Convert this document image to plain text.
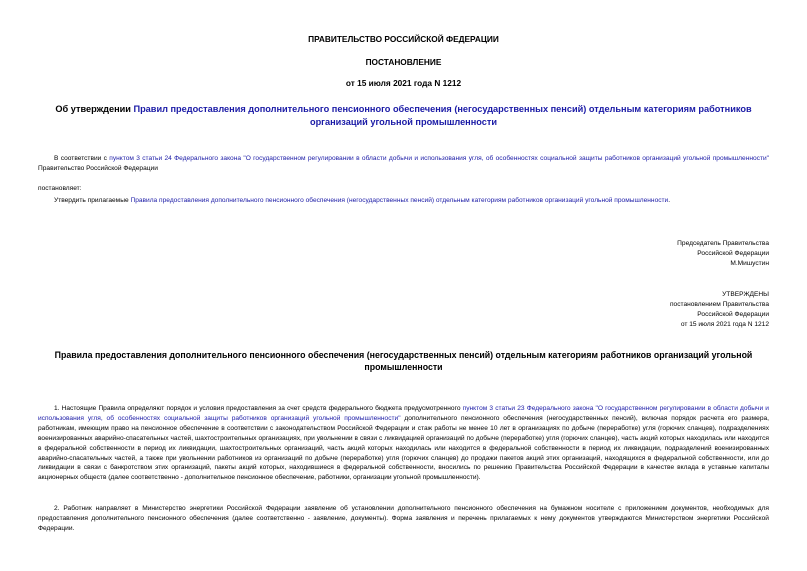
ПРАВИТЕЛЬСТВО РОССИЙСКОЙ ФЕДЕРАЦИИ
ПОСТАНОВЛЕНИЕ
от 15 июля 2021 года N 1212
Об утверждении Правил предоставления дополнительного пенсионного обеспечения (негосударственных пенсий) отдельным категориям работников организаций угольной промышленности
В соответствии с пунктом 3 статьи 24 Федерального закона "О государственном регулировании в области добычи и использования угля, об особенностях социальной защиты работников организаций угольной промышленности" Правительство Российской Федерации
постановляет:
Утвердить прилагаемые Правила предоставления дополнительного пенсионного обеспечения (негосударственных пенсий) отдельным категориям работников организаций угольной промышленности.
Председатель Правительства
Российской Федерации
М.Мишустин
УТВЕРЖДЕНЫ
постановлением Правительства
Российской Федерации
от 15 июля 2021 года N 1212
Правила предоставления дополнительного пенсионного обеспечения (негосударственных пенсий) отдельным категориям работников организаций угольной промышленности
1. Настоящие Правила определяют порядок и условия предоставления за счет средств федерального бюджета предусмотренного пунктом 3 статьи 23 Федерального закона "О государственном регулировании в области добычи и использования угля, об особенностях социальной защиты работников организаций угольной промышленности" дополнительного пенсионного обеспечения (негосударственных пенсий), включая порядок расчета его размера, работникам, имеющим право на пенсионное обеспечение в соответствии с законодательством Российской Федерации и стаж работы не менее 10 лет в организациях по добыче (переработке) угля (горючих сланцев), подразделениях военизированных аварийно-спасательных частей, шахтостроительных организациях, при увольнении в связи с ликвидацией организаций по добыче (переработке) угля (горючих сланцев), часть акций которых находилась или находится в федеральной собственности в период их ликвидации, шахтостроительных организаций, часть акций которых находилась или находится в федеральной собственности в период их ликвидации, подразделений военизированных аварийно-спасательных частей, а также при увольнении работников из организаций по добыче (переработке) угля (горючих сланцев) до продажи пакетов акций этих организаций, находящихся в федеральной собственности, или до ликвидации в связи с банкротством этих организаций, пакеты акций которых, находившиеся в федеральной собственности, вносились по решению Правительства Российской Федерации в качестве вклада в уставные капиталы акционерных обществ (далее соответственно - дополнительное пенсионное обеспечение, работники, организации угольной промышленности).
2. Работник направляет в Министерство энергетики Российской Федерации заявление об установлении дополнительного пенсионного обеспечения на бумажном носителе с приложением документов, необходимых для предоставления дополнительного пенсионного обеспечения (далее соответственно - заявление, документы). Форма заявления и перечень прилагаемых к нему документов утверждаются Министерством энергетики Российской Федерации.
